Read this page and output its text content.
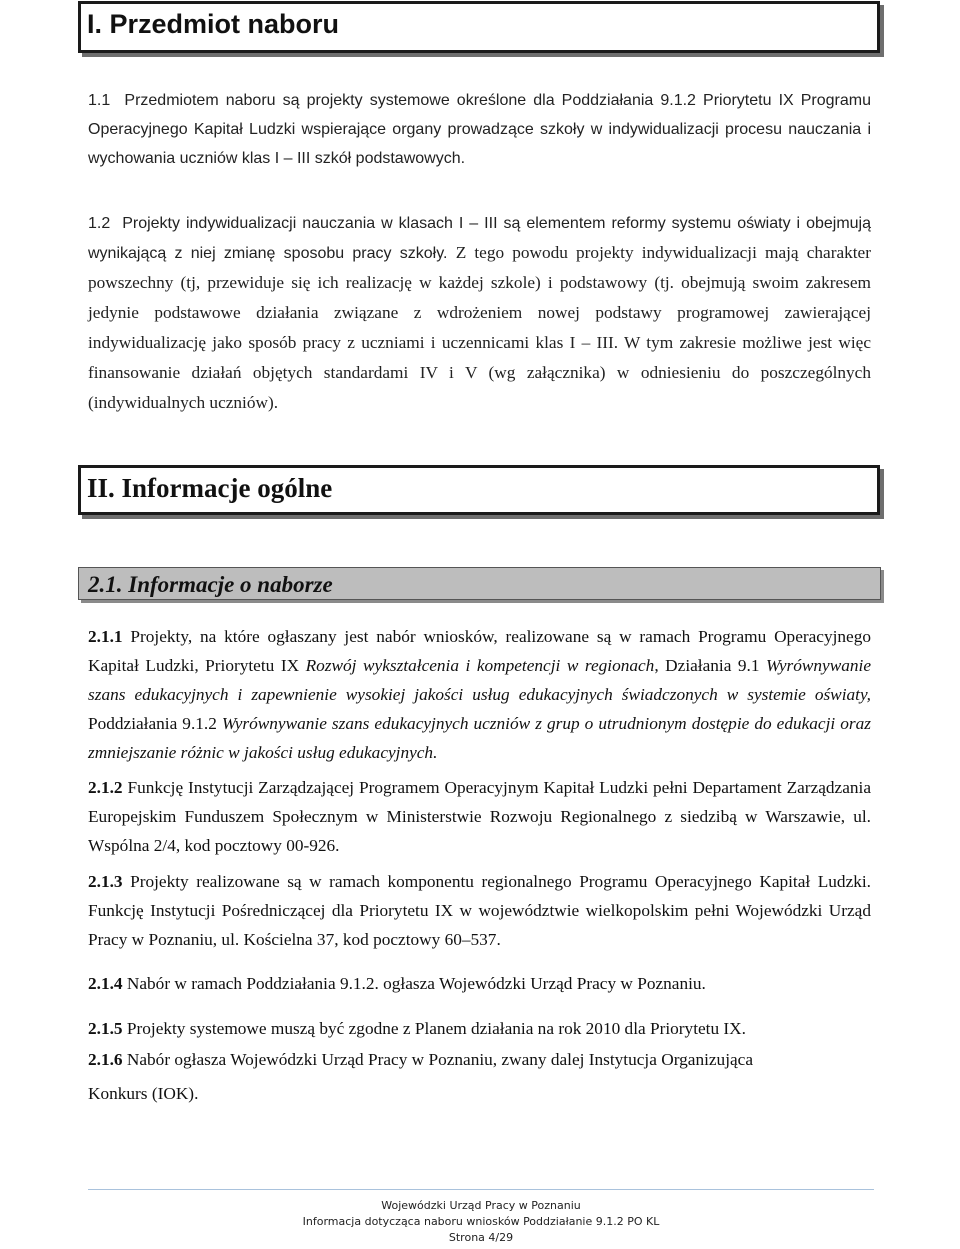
I. Przedmiot naboru

1.1 Przedmiotem naboru są projekty systemowe określone dla Poddziałania 9.1.2 Priorytetu IX Programu Operacyjnego Kapitał Ludzki wspierające organy prowadzące szkoły w indywidualizacji procesu nauczania i wychowania uczniów klas I – III szkół podstawowych.

1.2 Projekty indywidualizacji nauczania w klasach I – III są elementem reformy systemu oświaty i obejmują wynikającą z niej zmianę sposobu pracy szkoły. Z tego powodu projekty indywidualizacji mają charakter powszechny (tj, przewiduje się ich realizację w każdej szkole) i podstawowy (tj. obejmują swoim zakresem jedynie podstawowe działania związane z wdrożeniem nowej podstawy programowej zawierającej indywidualizację jako sposób pracy z uczniami i uczennicami klas I – III. W tym zakresie możliwe jest więc finansowanie działań objętych standardami IV i V (wg załącznika) w odniesieniu do poszczególnych (indywidualnych uczniów).

II. Informacje ogólne
2.1. Informacje o naborze

2.1.1 Projekty, na które ogłaszany jest nabór wniosków, realizowane są w ramach Programu Operacyjnego Kapitał Ludzki, Priorytetu IX Rozwój wykształcenia i kompetencji w regionach, Działania 9.1 Wyrównywanie szans edukacyjnych i zapewnienie wysokiej jakości usług edukacyjnych świadczonych w systemie oświaty, Poddziałania 9.1.2 Wyrównywanie szans edukacyjnych uczniów z grup o utrudnionym dostępie do edukacji oraz zmniejszanie różnic w jakości usług edukacyjnych.

2.1.2 Funkcję Instytucji Zarządzającej Programem Operacyjnym Kapitał Ludzki pełni Departament Zarządzania Europejskim Funduszem Społecznym w Ministerstwie Rozwoju Regionalnego z siedzibą w Warszawie, ul. Wspólna 2/4, kod pocztowy 00-926.

2.1.3 Projekty realizowane są w ramach komponentu regionalnego Programu Operacyjnego Kapitał Ludzki. Funkcję Instytucji Pośredniczącej dla Priorytetu IX w województwie wielkopolskim pełni Wojewódzki Urząd Pracy w Poznaniu, ul. Kościelna 37, kod pocztowy 60–537.

2.1.4 Nabór w ramach Poddziałania 9.1.2. ogłasza Wojewódzki Urząd Pracy w Poznaniu.

2.1.5 Projekty systemowe muszą być zgodne z Planem działania na rok 2010 dla Priorytetu IX.

2.1.6 Nabór ogłasza Wojewódzki Urząd Pracy w Poznaniu, zwany dalej Instytucja Organizująca
Konkurs (IOK).

Wojewódzki Urząd Pracy w Poznaniu
Informacja dotycząca naboru wniosków Poddziałanie 9.1.2 PO KL
Strona 4/29
